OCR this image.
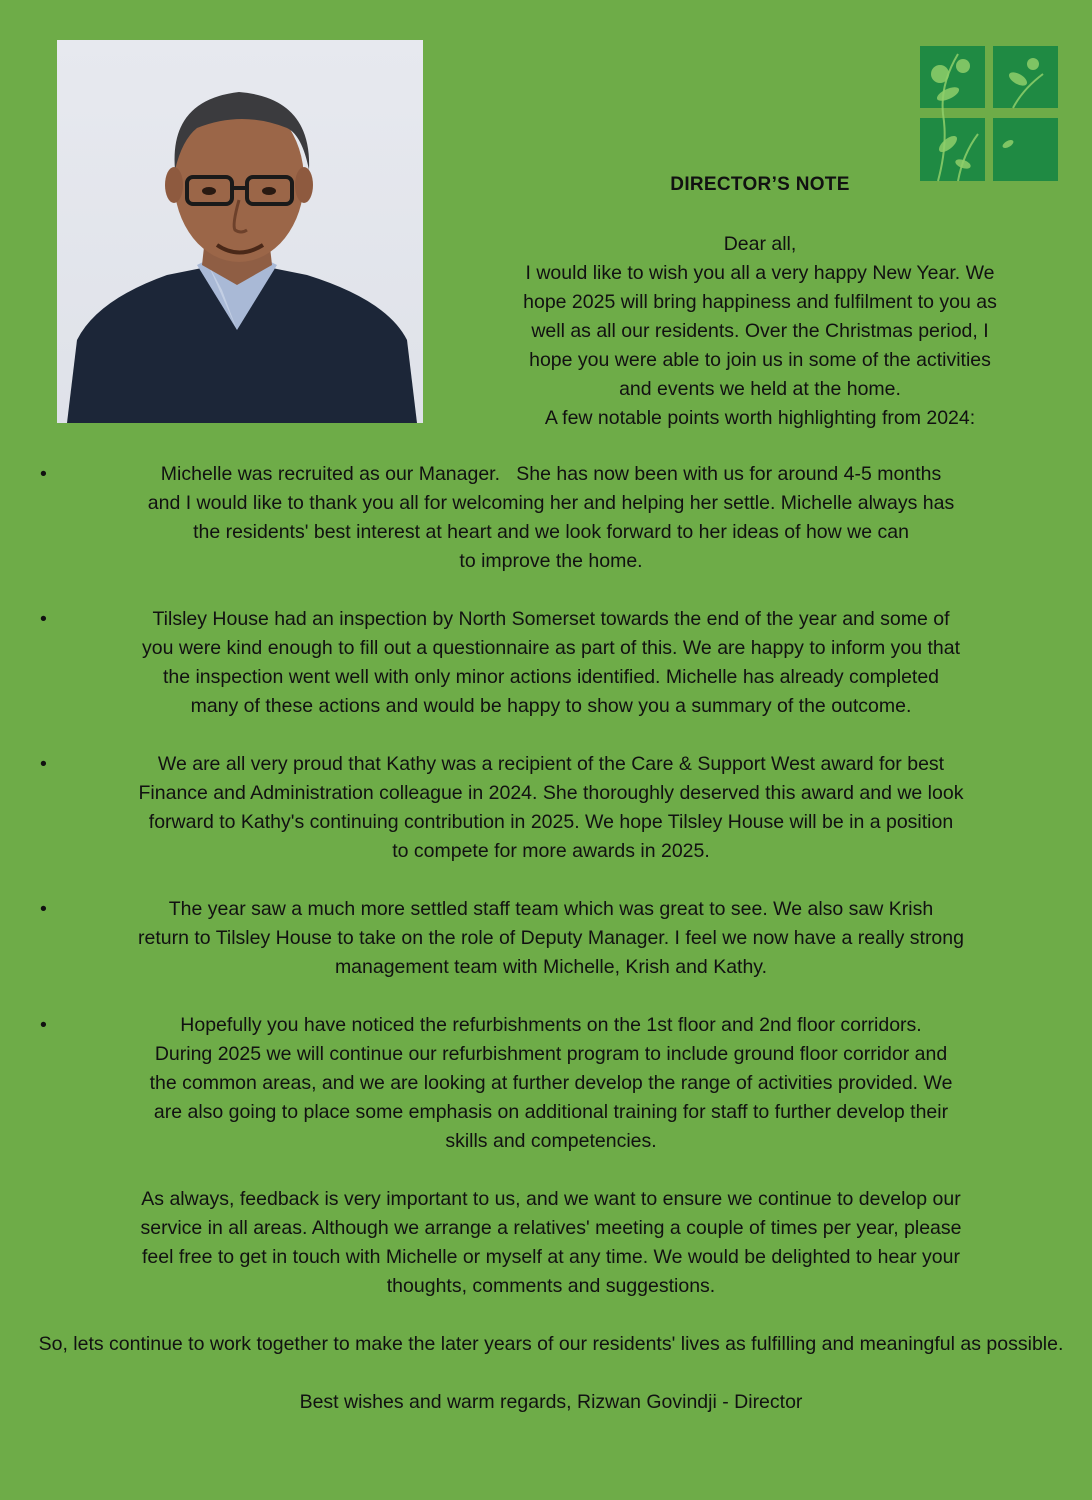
DIRECTOR’S NOTE

Dear all,

I would like to wish you all a very happy New Year. We

hope 2025 will bring happiness and fulfilment to you as

well as all our residents. Over the Christmas period, I

hope you were able to join us in some of the activities

and events we held at the home.

A few notable points worth highlighting from 2024:

•	Michelle was recruited as our Manager.   She has now been with us for around 4-5 months
and I would like to thank you all for welcoming her and helping her settle. Michelle always has
the residents' best interest at heart and we look forward to her ideas of how we can
to improve the home.
•	Tilsley House had an inspection by North Somerset towards the end of the year and some of
you were kind enough to fill out a questionnaire as part of this. We are happy to inform you that
the inspection went well with only minor actions identified. Michelle has already completed
many of these actions and would be happy to show you a summary of the outcome.
•	We are all very proud that Kathy was a recipient of the Care & Support West award for best
Finance and Administration colleague in 2024. She thoroughly deserved this award and we look
forward to Kathy's continuing contribution in 2025. We hope Tilsley House will be in a position
to compete for more awards in 2025.
•	The year saw a much more settled staff team which was great to see. We also saw Krish
return to Tilsley House to take on the role of Deputy Manager. I feel we now have a really strong
management team with Michelle, Krish and Kathy.
•	Hopefully you have noticed the refurbishments on the 1st floor and 2nd floor corridors.
During 2025 we will continue our refurbishment program to include ground floor corridor and
the common areas, and we are looking at further develop the range of activities provided. We
are also going to place some emphasis on additional training for staff to further develop their
skills and competencies.
As always, feedback is very important to us, and we want to ensure we continue to develop our service in all areas. Although we arrange a relatives' meeting a couple of times per year, please feel free to get in touch with Michelle or myself at any time. We would be delighted to hear your thoughts, comments and suggestions.
So, lets continue to work together to make the later years of our residents' lives as fulfilling and meaningful as possible.
Best wishes and warm regards, Rizwan Govindji - Director
